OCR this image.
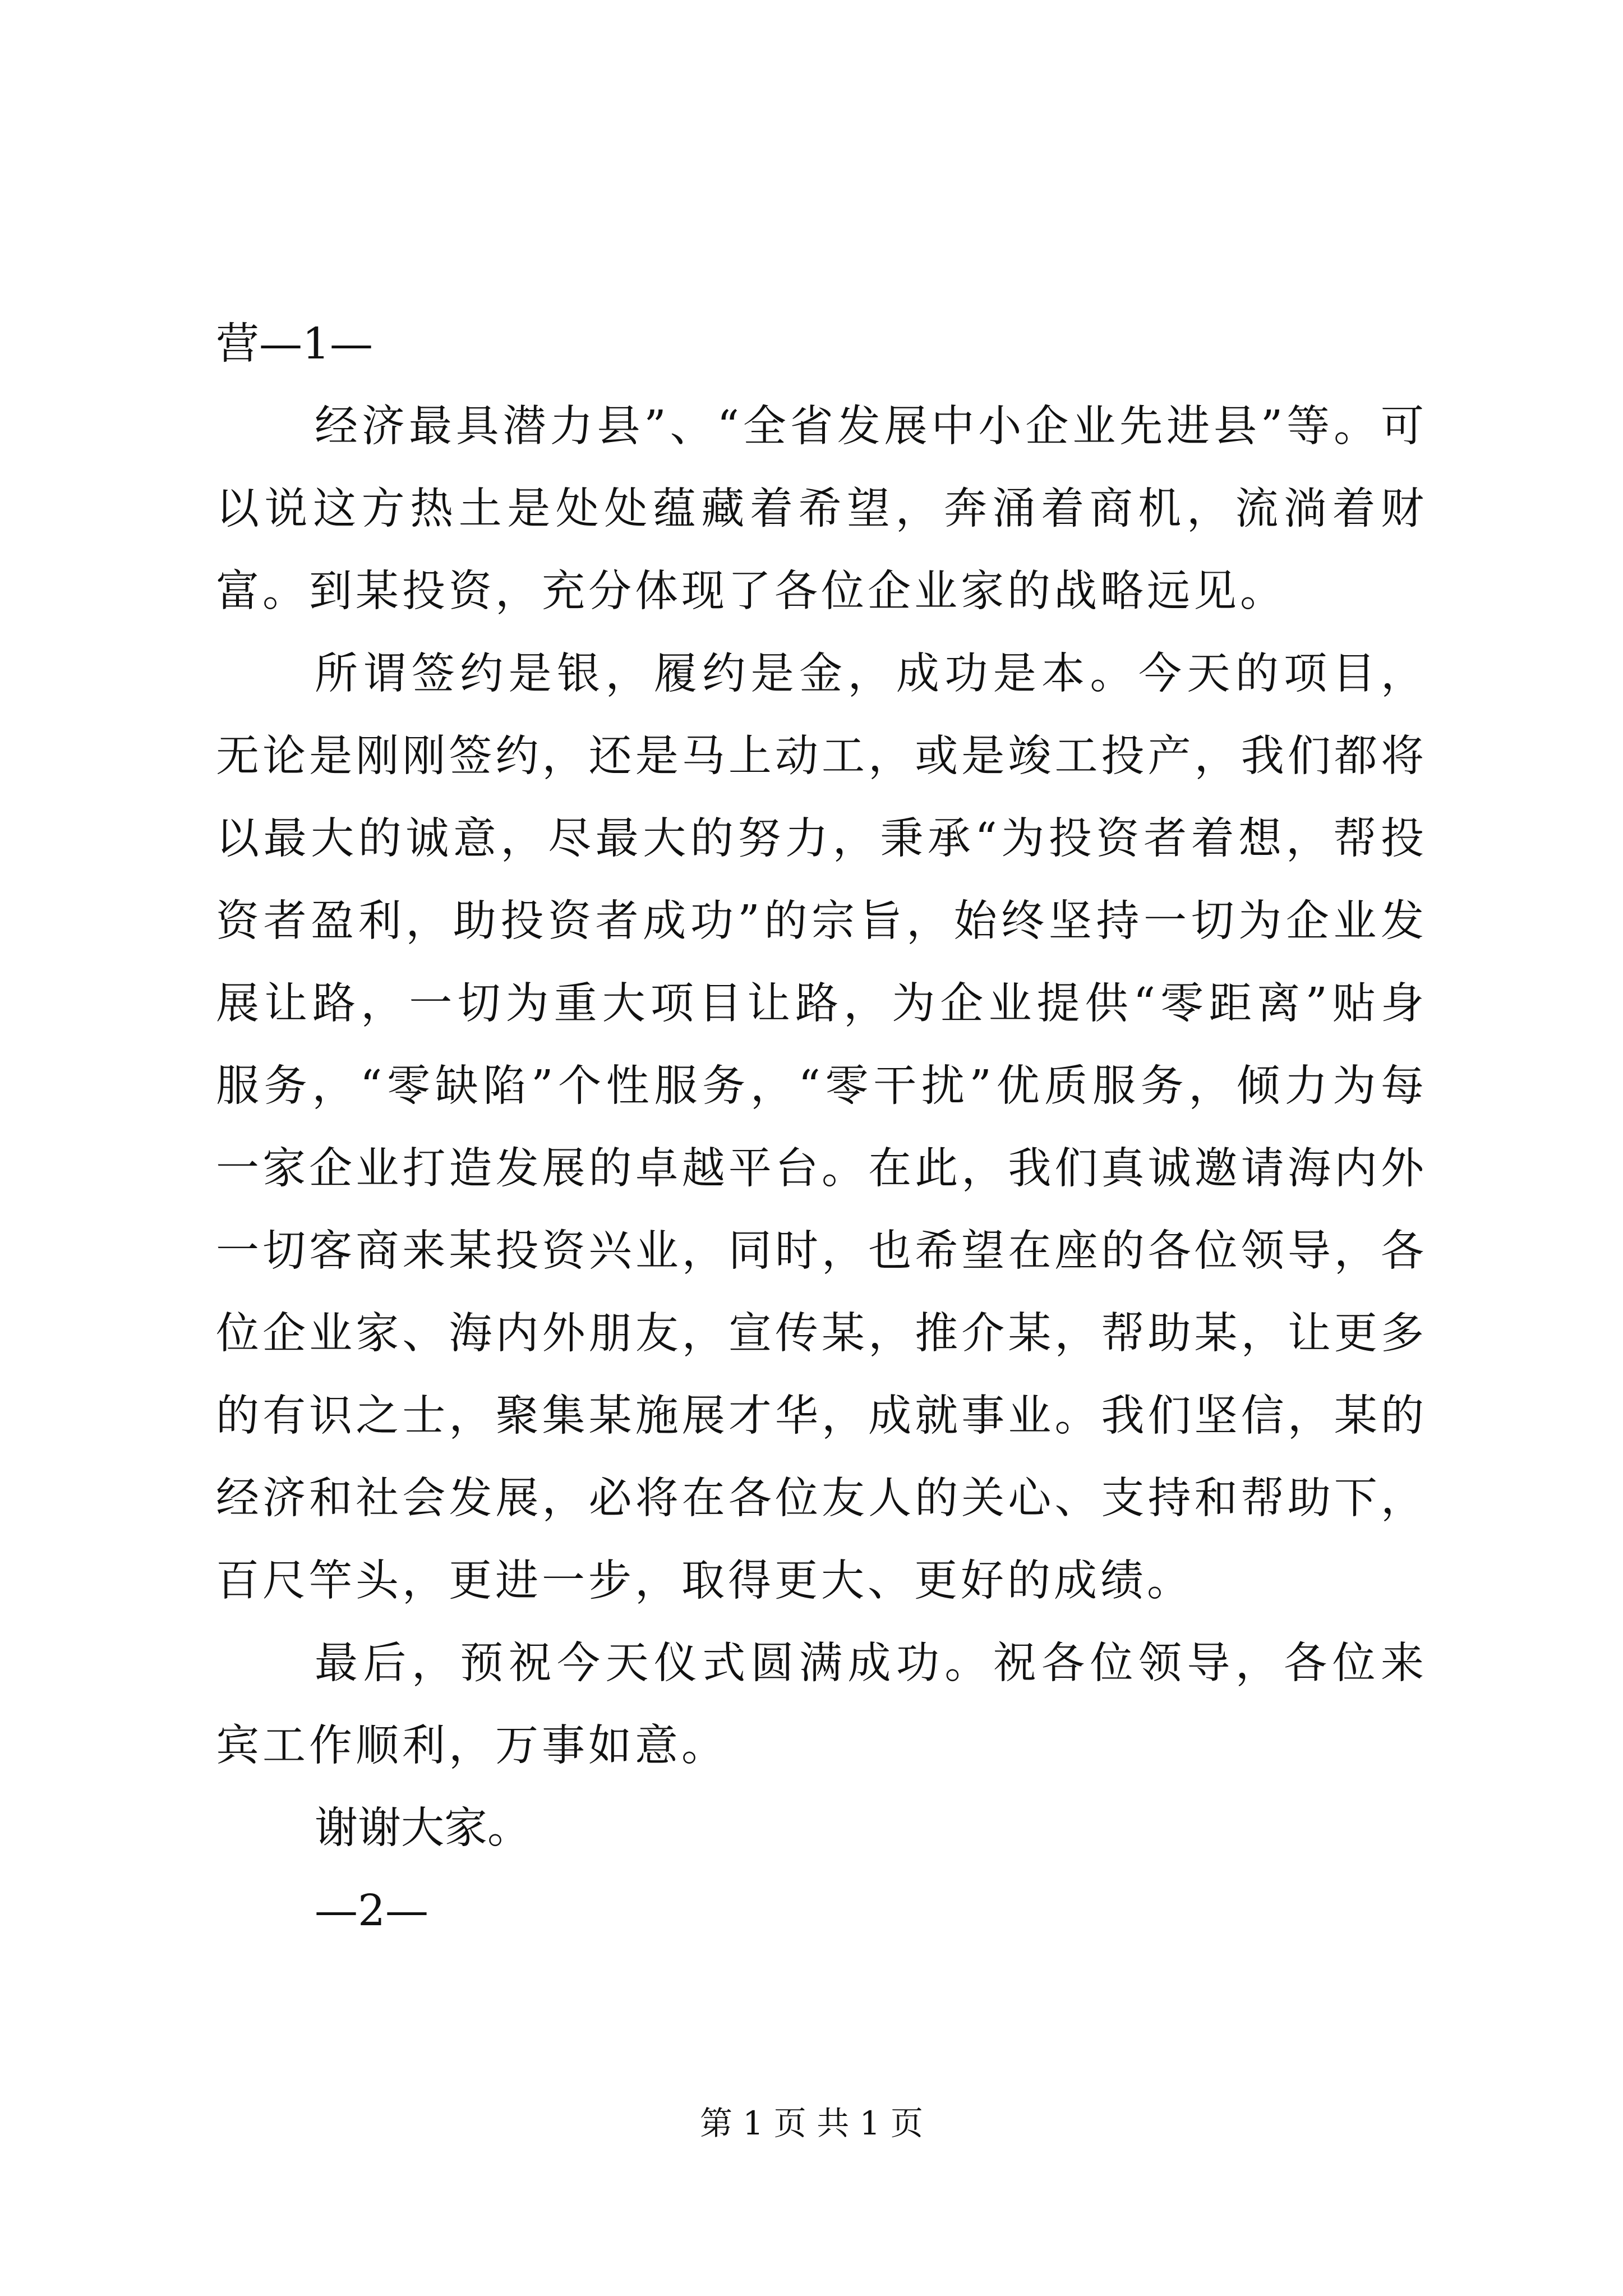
营—1—

经济最具潜力县”、“全省发展中小企业先进县”等。可以说这方热土是处处蕴藏着希望，奔涌着商机，流淌着财富。到某投资，充分体现了各位企业家的战略远见。

所谓签约是银，履约是金，成功是本。今天的项目，无论是刚刚签约，还是马上动工，或是竣工投产，我们都将以最大的诚意，尽最大的努力，秉承“为投资者着想，帮投资者盈利，助投资者成功”的宗旨，始终坚持一切为企业发展让路，一切为重大项目让路，为企业提供“零距离”贴身服务，“零缺陷”个性服务，“零干扰”优质服务，倾力为每一家企业打造发展的卓越平台。在此，我们真诚邀请海内外一切客商来某投资兴业，同时，也希望在座的各位领导，各位企业家、海内外朋友，宣传某，推介某，帮助某，让更多的有识之士，聚集某施展才华，成就事业。我们坚信，某的经济和社会发展，必将在各位友人的关心、支持和帮助下，百尺竿头，更进一步，取得更大、更好的成绩。

最后，预祝今天仪式圆满成功。祝各位领导，各位来宾工作顺利，万事如意。

谢谢大家。

—2—

第 1 页 共 1 页
